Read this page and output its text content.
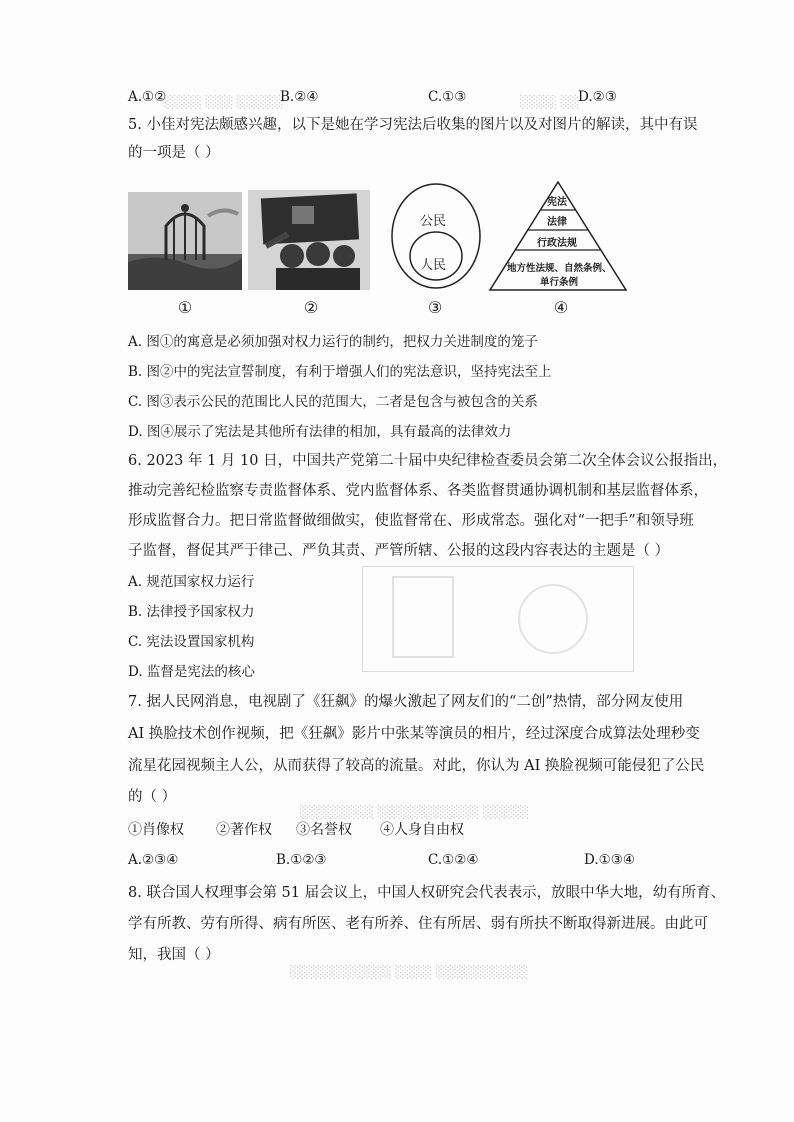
░░░░ ░░░ ░░░░░	░░░░ ░░
░░░░░░░░ ░░░░░░░░░░░ ░░░░░
░░░░░░░░░░░ ░░░░ ░░░░░░░░░░
A.①②	B.②④	C.①③	D.②③
5. 小佳对宪法颇感兴趣，以下是她在学习宪法后收集的图片以及对图片的解读，其中有误
的一项是（ ）
公民
人民
宪法
法律
行政法规
地方性法规、自然条例、
单行条例
①	②	③	④
A. 图①的寓意是必须加强对权力运行的制约，把权力关进制度的笼子
B. 图②中的宪法宣誓制度，有利于增强人们的宪法意识，坚持宪法至上
C. 图③表示公民的范围比人民的范围大，二者是包含与被包含的关系
D. 图④展示了宪法是其他所有法律的相加，具有最高的法律效力
6. 2023 年 1 月 10 日，中国共产党第二十届中央纪律检查委员会第二次全体会议公报指出，
推动完善纪检监察专责监督体系、党内监督体系、各类监督贯通协调机制和基层监督体系，
形成监督合力。把日常监督做细做实，使监督常在、形成常态。强化对“一把手”和领导班
子监督，督促其严于律己、严负其责、严管所辖、公报的这段内容表达的主题是（ ）
A. 规范国家权力运行
B. 法律授予国家权力
C. 宪法设置国家机构
D. 监督是宪法的核心
7. 据人民网消息，电视剧了《狂飙》的爆火激起了网友们的“二创”热情，部分网友使用
AI 换脸技术创作视频，把《狂飙》影片中张某等演员的相片，经过深度合成算法处理秒变
流星花园视频主人公，从而获得了较高的流量。对此，你认为 AI 换脸视频可能侵犯了公民
的（ ）
①肖像权 ②著作权 ③名誉权 ④人身自由权
A.②③④	B.①②③	C.①②④	D.①③④
8. 联合国人权理事会第 51 届会议上，中国人权研究会代表表示，放眼中华大地，幼有所育、
学有所教、劳有所得、病有所医、老有所养、住有所居、弱有所扶不断取得新进展。由此可
知，我国（ ）
